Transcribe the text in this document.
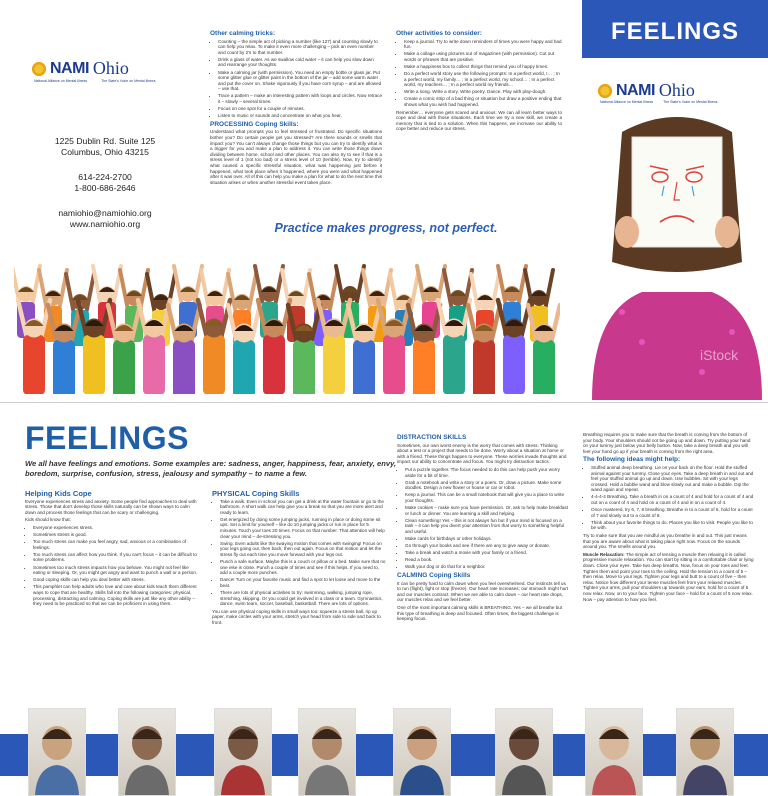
NAMI Ohio
National Alliance on Mental Illness	The State's Voice on Mental Illness
1225 Dublin Rd. Suite 125
Columbus, Ohio 43215
614-224-2700
1-800-686-2646
namiohio@namiohio.org
www.namiohio.org
Other calming tricks:
• Counting – the simple act of picking a number (like 127) and counting slowly to can help you relax. To make it even more challenging – pick an even number and count by 2's to that number.
• Drink a glass of water. As we swallow cold water – it can help you slow down and rearrange your thoughts.
• Make a calming jar (with permission). You need an empty bottle or glass jar. Put some glitter glue or glitter paint in the bottom of the jar – add some warm water and put the cover on. Shake vigorously if you have corn syrup – and are allowed – use that.
• Trace a pattern – make an interesting pattern with loops and circles. Now retrace it – slowly – several times.
• Focus on one spot for a couple of minutes.
• Listen to music or sounds and concentrate on what you hear.
PROCESSING Coping Skills:

Understand what prompts you to feel stressed or frustrated. Do specific situations bother you? Do certain people get you stressed? Are there sounds or smells that impact you? You can't always change those things but you can try to identify what is a trigger for you and make a plan to address it. You can write those things down dividing between home, school and other places. You can also try to see if that is a stress level of 1 (not too bad) or a stress level of 10 (terrible). Now, try to identify what caused a specific stressful situation, what was happening just before it happened, what took place when it happened, where you were and what happened after it was over. All of this can help you make a plan for what to do the next time this situation arises or when another stressful event takes place.

Other activities to consider:
• Keep a journal. Try to write down reminders of times you were happy and had fun.
• Make a collage using pictures out of magazines (with permission). Cut out words or phrases that are positive.
• Make a happiness box to collect things that remind you of happy times.
• Do a perfect world story use the following prompts: In a perfect world, I… ; In a perfect world, my family… ; In a perfect world, my school… ; In a perfect world, my teachers… ; In a perfect world my friends…
• Write a song. Write a story. Write poetry. Dance. Play with play-dough.
• Create a comic strip of a bad thing or situation but draw a positive ending that shows what you wish had happened.

Remember… everyone gets scared and anxious. We can all learn better ways to cope and deal with those situations. Each time we try a new skill, we create a memory that is tied to a solution. When this happens, we increase our ability to cope better and reduce our stress.

Practice makes progress, not perfect.
FEELINGS
NAMI Ohio
National Alliance on Mental Illness	The State's Voice on Mental Illness
iStock
FEELINGS
We all have feelings and emotions. Some examples are: sadness, anger, happiness, fear, anxiety, envy, boredom, surprise, confusion, stress, jealousy and sympathy – to name a few.
Helping Kids Cope

Everyone experiences stress and anxiety. Some people find approaches to deal with stress. Those that don't develop those skills naturally can be shown ways to calm down and process those feelings that can be scary or challenging.

Kids should know that:

• Everyone experiences stress.
• Sometimes stress is good.
• Too much stress can make you feel angry, sad, anxious or a combination of feelings.
• Too much stress can affect how you think. If you can't focus – it can be difficult to solve problems.
• Sometimes too much stress impacts how you behave. You might not feel like eating or sleeping. Or, you might get angry and want to punch a wall or a person.
• Good coping skills can help you deal better with stress.
• This pamphlet can help adults who love and care about kids teach them different ways to cope that are healthy. Skills fall into the following categories: physical, processing, distracting and calming. Coping skills are just like any other ability – they need to be practiced so that we can be proficient in using them.
PHYSICAL Coping Skills
• Take a walk. Even in school you can get a drink at the water fountain or go to the bathroom. A short walk can help give you a break so that you are more alert and ready to learn.
• Get energized by doing some jumping jacks, running in place or doing some sit ups. Set a limit for yourself – like do 10 jumping jacks or run in place for 5 minutes. Touch your toes 20 times. Focus on that number. That attention will help clear your mind – de-stressing you.
• Swing. Even adults like the swaying motion that comes with swinging! Focus on your legs going out, then back, then out again. Focus on that motion and let the stress fly out each time you move forward with your legs out.
• Punch a safe surface. Maybe this is a couch or pillow or a bed. Make sure that no one else is close. Punch a couple of times and see if this helps. If you need to, add a couple more punches.
• Dance! Turn on your favorite music and find a spot to let loose and move to the beat.
• There are lots of physical activities to try: swimming, walking, jumping rope, stretching, skipping. Or you could get involved in a class or a team. Gymnastics, dance, swim team, soccer, baseball, basketball. There are lots of options.

You can use physical coping skills in small ways too: squeeze a stress ball, rip up paper, make circles with your arms, stretch your head from side to side and back to front.

DISTRACTION SKILLS

Sometimes, our own worst enemy is the worry that comes with stress. Thinking about a test or a project that needs to be done. Worry about a situation at home or with a friend. These things happen to everyone. These worries invade thoughts and impact our ability to concentrate and focus. You might try distraction tactics.

• Put a puzzle together. The focus needed to do this can help push your worry aside for a bit of time.
• Grab a notebook and write a story or a poem. Or, draw a picture. Make some doodles. Design a new flower or house or car or robot.
• Keep a journal. This can be a small notebook that will give you a place to write your thoughts.
• Make cookies – make sure you have permission. Or, ask to help make breakfast or lunch or dinner. You are learning a skill and helping.
• Clean something! Yes – this is not always fun but if your mind is focused on a task – it can help you divert your attention from that worry to something helpful and useful.
• Make cards for birthdays or other holidays.
• Go through your books and see if there are any to give away or donate.
• Take a break and watch a movie with your family or a friend.
• Read a book.
• Walk your dog or do that for a neighbor.
CALMING Coping Skills

It can be pretty hard to calm down when you feel overwhelmed. Our instincts tell us to run (flight), fight or stop (freeze). Our heart rate increases; our stomach might hurt and our muscles contract. When we are able to calm down – our heart rate drops, our muscles relax and we feel better.

One of the most important calming skills is BREATHING. Yes – we all breathe but this type of breathing is deep and focused. Often times, the biggest challenge is keeping focus.

Breathing requires you to make sure that the breath is coming from the bottom of your body. Your shoulders should not be going up and down. Try putting your hand on your tummy just below your belly button. Now, take a deep breath and you will feel your hand go up if your breath is coming from the right area.

The following ideas might help:
• Stuffed animal deep breathing. Lie on your back on the floor. Hold the stuffed animal against your tummy. Close your eyes. Take a deep breath in and out and feel your stuffed animal go up and down. Use bubbles. Sit with your legs crossed. Hold a bubble wand and blow slowly out and make a bubble. Dip the wand again and repeat.
• 4-4-4-4 Breathing. Take a breath in on a count of 4 and hold for a count of 4 and out on a count of 4 and hold on a count of 4 and in on a count of 4.
• Once mastered, try 6, 7, 8 breathing. Breathe in to a count of 6, hold for a count of 7 and slowly out to a count of 8.
• Think about your favorite things to do. Places you like to visit. People you like to be with.

Try to make sure that you are mindful as you breathe in and out. This just means that you are aware about what is taking place right now. Focus on the sounds around you. The smells around you.

Muscle Relaxation: The simple act of tensing a muscle then relaxing it is called progressive muscle relaxation. You can start by sitting in a comfortable chair or lying down. Close your eyes. Take two deep breaths. Now, focus on your toes and feet. Tighten them and point your toes to the ceiling. Hold the tension to a count of 5 – then relax. Move to your legs. Tighten your legs and butt to a count of five – then relax. Notice how different your tense muscles feel from your relaxed muscles. Tighten your arms, pull your shoulders up towards your ears, hold for a count of 5 now relax. Now, on to your face. Tighten your face – hold for a count of 5 now relax. Now – pay attention to how you feel.
